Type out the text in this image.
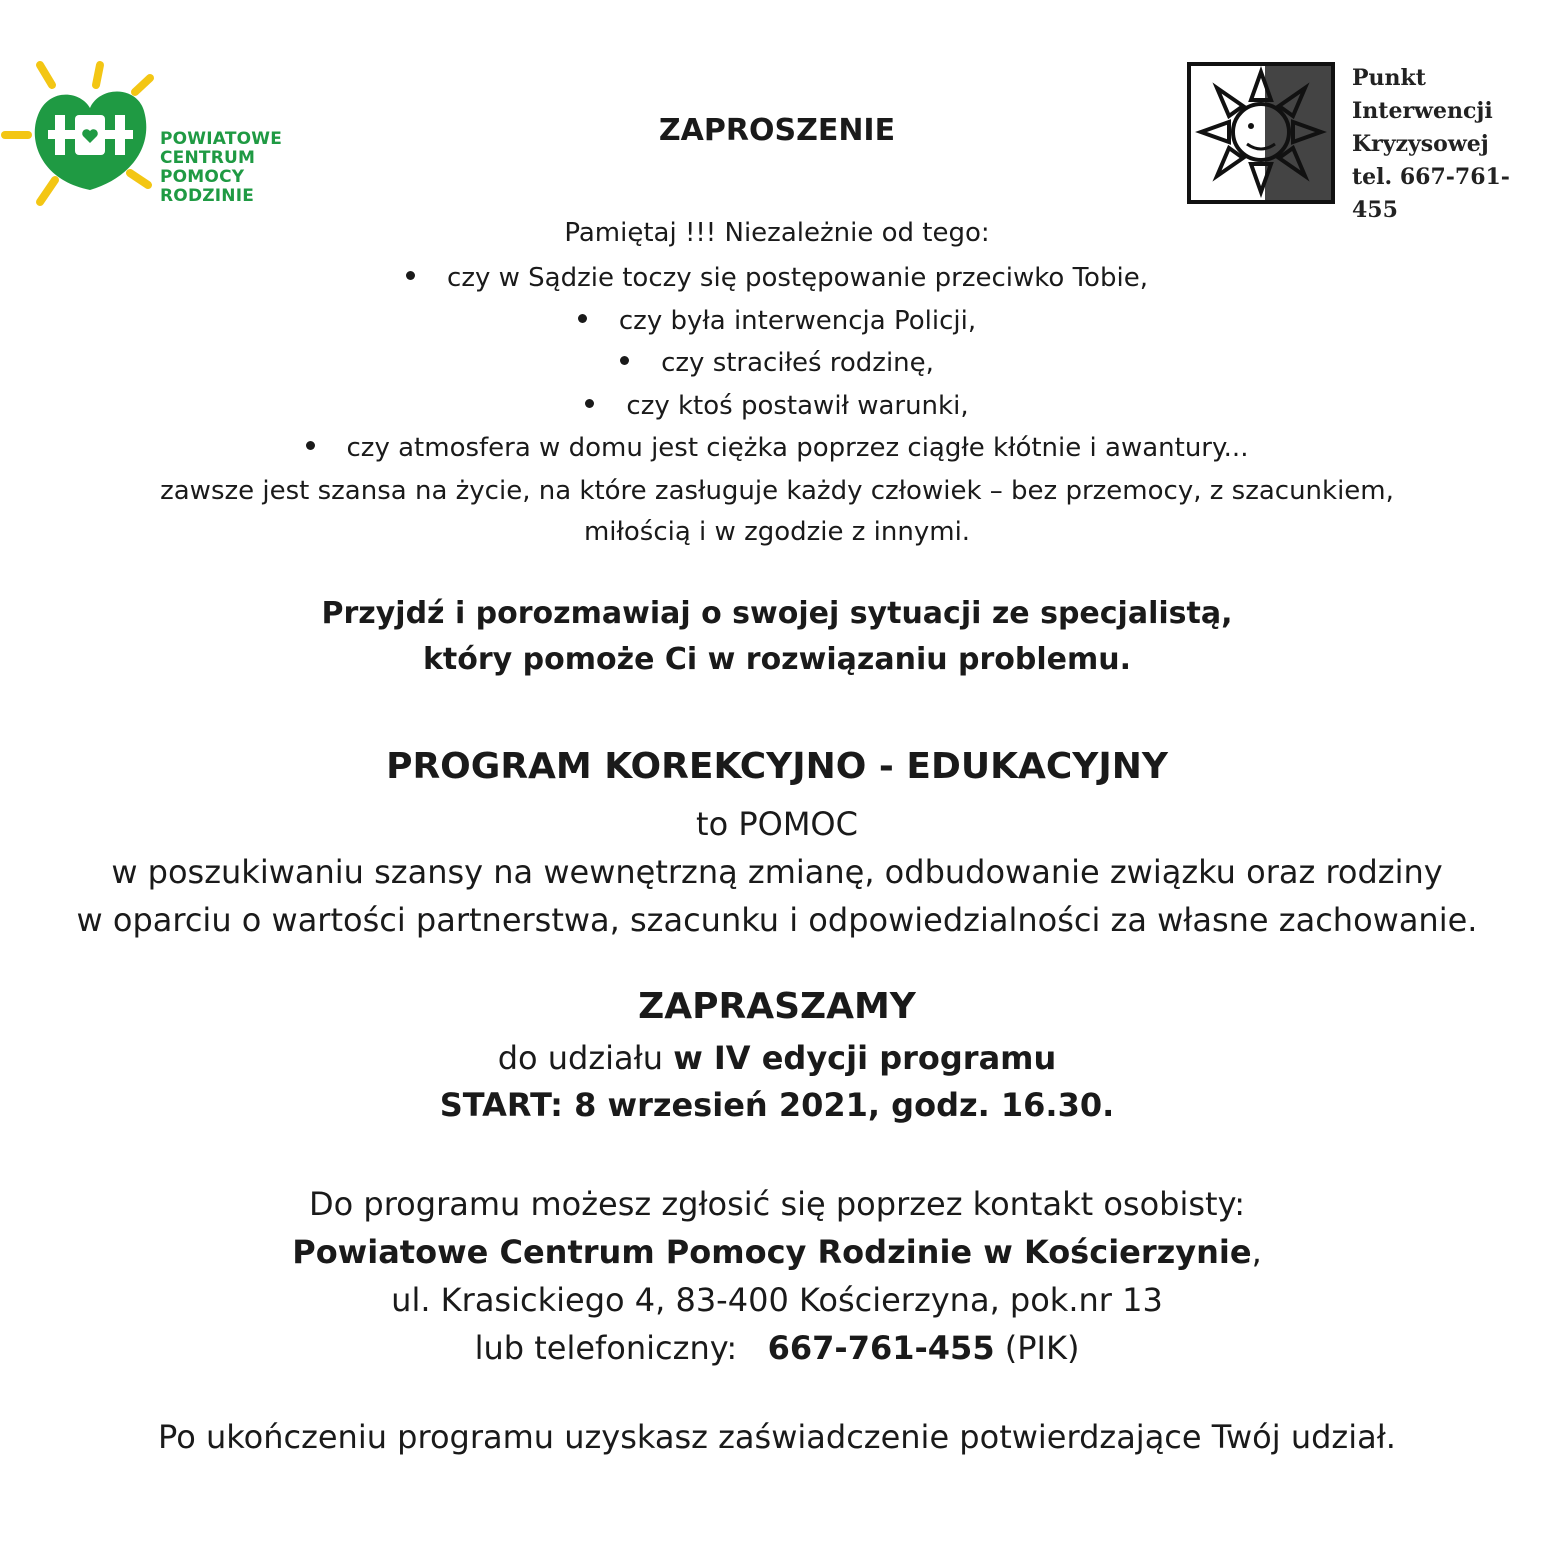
POWIATOWE
CENTRUM
POMOCY
RODZINIE
Punkt
Interwencji
Kryzysowej
tel. 667-761-455
ZAPROSZENIE
Pamiętaj !!! Niezależnie od tego:
czy w Sądzie toczy się postępowanie przeciwko Tobie,
czy była interwencja Policji,
czy straciłeś rodzinę,
czy ktoś postawił warunki,
czy atmosfera w domu jest ciężka poprzez ciągłe kłótnie i awantury...
zawsze jest szansa na życie, na które zasługuje każdy człowiek – bez przemocy, z szacunkiem,
miłością i w zgodzie z innymi.
Przyjdź i porozmawiaj o swojej sytuacji ze specjalistą,
który pomoże Ci w rozwiązaniu problemu.
PROGRAM KOREKCYJNO - EDUKACYJNY
to POMOC
w poszukiwaniu szansy na wewnętrzną zmianę, odbudowanie związku oraz rodziny
w oparciu o wartości partnerstwa, szacunku i odpowiedzialności za własne zachowanie.
ZAPRASZAMY
do udziału w IV edycji programu
START: 8 wrzesień 2021, godz. 16.30.
Do programu możesz zgłosić się poprzez kontakt osobisty:
Powiatowe Centrum Pomocy Rodzinie w Kościerzynie,
ul. Krasickiego 4, 83-400 Kościerzyna, pok.nr 13
lub telefoniczny:   667-761-455 (PIK)
Po ukończeniu programu uzyskasz zaświadczenie potwierdzające Twój udział.
